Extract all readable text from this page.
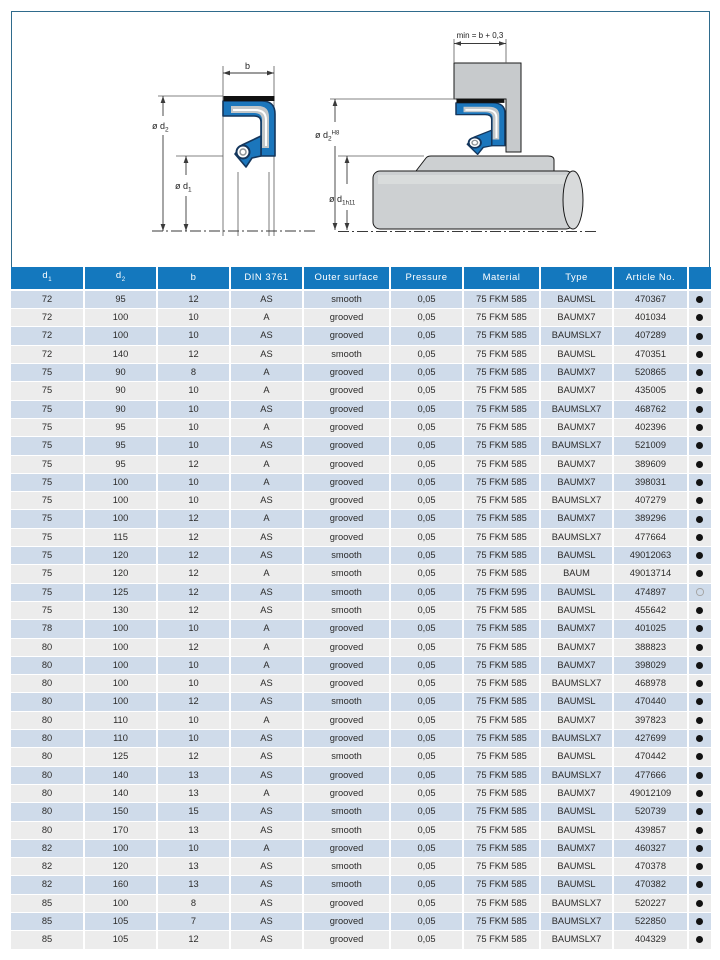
b
ø $d_2$
ø $d_1$
min = b + 0,3
ø $d_2^{H8}$
ø $d_1h11$
$d_1$	$d_2$	b	DIN 3761	Outer surface	Pressure	Material	Type	Article No.	
72	95	12	AS	smooth	0,05	75 FKM 585	BAUMSL	470367	
72	100	10	A	grooved	0,05	75 FKM 585	BAUMX7	401034	
72	100	10	AS	grooved	0,05	75 FKM 585	BAUMSLX7	407289	
72	140	12	AS	smooth	0,05	75 FKM 585	BAUMSL	470351	
75	90	8	A	grooved	0,05	75 FKM 585	BAUMX7	520865	
75	90	10	A	grooved	0,05	75 FKM 585	BAUMX7	435005	
75	90	10	AS	grooved	0,05	75 FKM 585	BAUMSLX7	468762	
75	95	10	A	grooved	0,05	75 FKM 585	BAUMX7	402396	
75	95	10	AS	grooved	0,05	75 FKM 585	BAUMSLX7	521009	
75	95	12	A	grooved	0,05	75 FKM 585	BAUMX7	389609	
75	100	10	A	grooved	0,05	75 FKM 585	BAUMX7	398031	
75	100	10	AS	grooved	0,05	75 FKM 585	BAUMSLX7	407279	
75	100	12	A	grooved	0,05	75 FKM 585	BAUMX7	389296	
75	115	12	AS	grooved	0,05	75 FKM 585	BAUMSLX7	477664	
75	120	12	AS	smooth	0,05	75 FKM 585	BAUMSL	49012063	
75	120	12	A	smooth	0,05	75 FKM 585	BAUM	49013714	
75	125	12	AS	smooth	0,05	75 FKM 595	BAUMSL	474897	
75	130	12	AS	smooth	0,05	75 FKM 585	BAUMSL	455642	
78	100	10	A	grooved	0,05	75 FKM 585	BAUMX7	401025	
80	100	12	A	grooved	0,05	75 FKM 585	BAUMX7	388823	
80	100	10	A	grooved	0,05	75 FKM 585	BAUMX7	398029	
80	100	10	AS	grooved	0,05	75 FKM 585	BAUMSLX7	468978	
80	100	12	AS	smooth	0,05	75 FKM 585	BAUMSL	470440	
80	110	10	A	grooved	0,05	75 FKM 585	BAUMX7	397823	
80	110	10	AS	grooved	0,05	75 FKM 585	BAUMSLX7	427699	
80	125	12	AS	smooth	0,05	75 FKM 585	BAUMSL	470442	
80	140	13	AS	grooved	0,05	75 FKM 585	BAUMSLX7	477666	
80	140	13	A	grooved	0,05	75 FKM 585	BAUMX7	49012109	
80	150	15	AS	smooth	0,05	75 FKM 585	BAUMSL	520739	
80	170	13	AS	smooth	0,05	75 FKM 585	BAUMSL	439857	
82	100	10	A	grooved	0,05	75 FKM 585	BAUMX7	460327	
82	120	13	AS	smooth	0,05	75 FKM 585	BAUMSL	470378	
82	160	13	AS	smooth	0,05	75 FKM 585	BAUMSL	470382	
85	100	8	AS	grooved	0,05	75 FKM 585	BAUMSLX7	520227	
85	105	7	AS	grooved	0,05	75 FKM 585	BAUMSLX7	522850	
85	105	12	AS	grooved	0,05	75 FKM 585	BAUMSLX7	404329	
